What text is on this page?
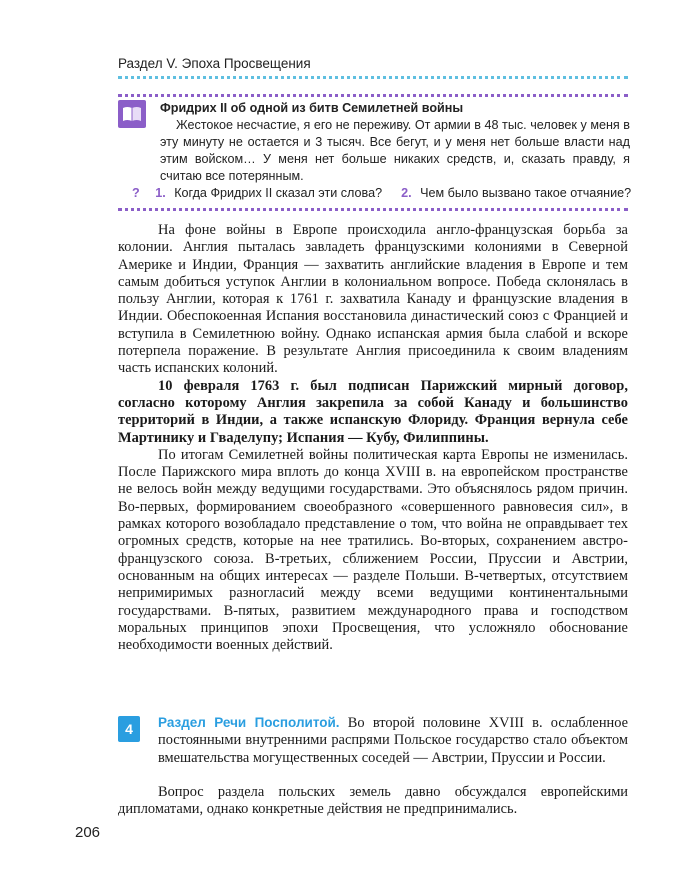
Раздел V. Эпоха Просвещения
Фридрих II об одной из битв Семилетней войны
Жестокое несчастие, я его не переживу. От армии в 48 тыс. человек у меня в эту минуту не остается и 3 тысяч. Все бегут, и у меня нет больше власти над этим войском… У меня нет больше никаких средств, и, сказать правду, я считаю все потерянным.
? 1. Когда Фридрих II сказал эти слова? 2. Чем было вызвано такое отчаяние?

На фоне войны в Европе происходила англо-французская борьба за колонии. Англия пыталась завладеть французскими колониями в Северной Америке и Индии, Франция — захватить английские владения в Европе и тем самым добиться уступок Англии в колониальном вопросе. Победа склонялась в пользу Англии, которая к 1761 г. захватила Канаду и французские владения в Индии. Обеспокоенная Испания восстановила династический союз с Францией и вступила в Семилетнюю войну. Однако испанская армия была слабой и вскоре потерпела поражение. В результате Англия присоединила к своим владениям часть испанских колоний.

10 февраля 1763 г. был подписан Парижский мирный договор, согласно которому Англия закрепила за собой Канаду и большинство территорий в Индии, а также испанскую Флориду. Франция вернула себе Мартинику и Гваделупу; Испания — Кубу, Филиппины.

По итогам Семилетней войны политическая карта Европы не изменилась. После Парижского мира вплоть до конца XVIII в. на европейском пространстве не велось войн между ведущими государствами. Это объяснялось рядом причин. Во-первых, формированием своеобразного «совершенного равновесия сил», в рамках которого возобладало представление о том, что война не оправдывает тех огромных средств, которые на нее тратились. Во-вторых, сохранением австро-французского союза. В-третьих, сближением России, Пруссии и Австрии, основанным на общих интересах — разделе Польши. В-четвертых, отсутствием непримиримых разногласий между всеми ведущими континентальными государствами. В-пятых, развитием международного права и господством моральных принципов эпохи Просвещения, что усложняло обоснование необходимости военных действий.

4	Раздел Речи Посполитой. Во второй половине XVIII в. ослабленное постоянными внутренними распрями Польское государство стало объектом вмешательства могущественных соседей — Австрии, Пруссии и России.

Вопрос раздела польских земель давно обсуждался европейскими дипломатами, однако конкретные действия не предпринимались.

206
